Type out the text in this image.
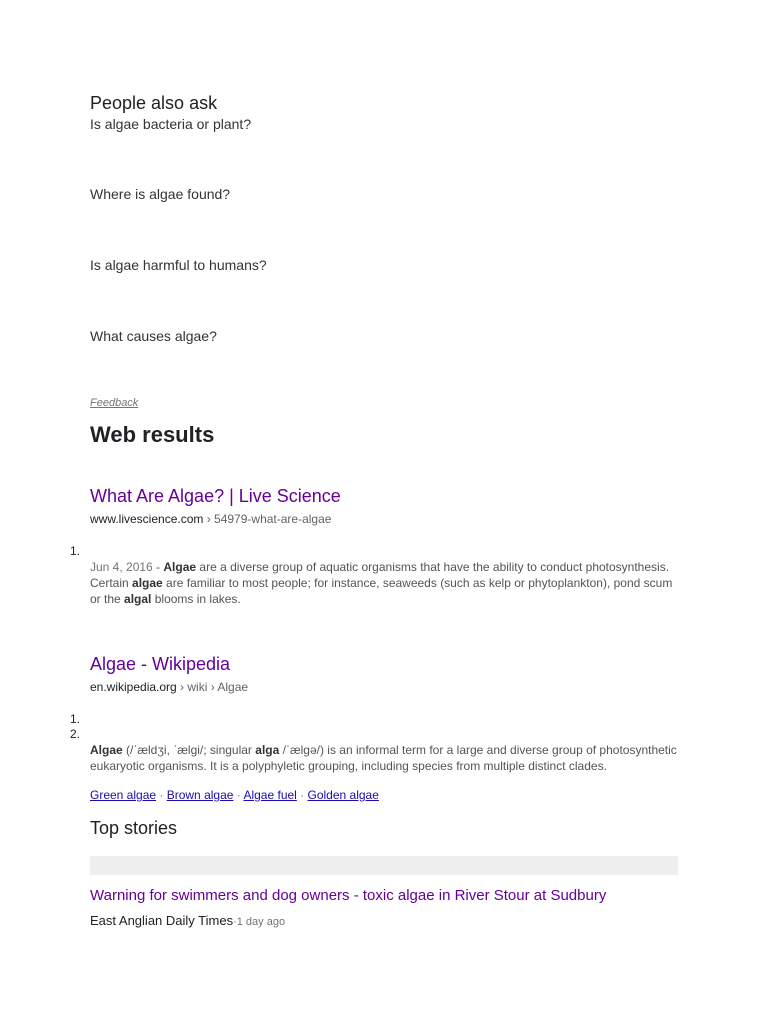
People also ask
Is algae bacteria or plant?
Where is algae found?
Is algae harmful to humans?
What causes algae?
Feedback
Web results
What Are Algae? | Live Science
www.livescience.com › 54979-what-are-algae
1.
Jun 4, 2016 - Algae are a diverse group of aquatic organisms that have the ability to conduct photosynthesis. Certain algae are familiar to most people; for instance, seaweeds (such as kelp or phytoplankton), pond scum or the algal blooms in lakes.
Algae - Wikipedia
en.wikipedia.org › wiki › Algae
1.
2.
Algae (/ˈældʒi, ˈælɡi/; singular alga /ˈælɡə/) is an informal term for a large and diverse group of photosynthetic eukaryotic organisms. It is a polyphyletic grouping, including species from multiple distinct clades.
Green algae · Brown algae · Algae fuel · Golden algae
Top stories
Warning for swimmers and dog owners - toxic algae in River Stour at Sudbury
East Anglian Daily Times·1 day ago
